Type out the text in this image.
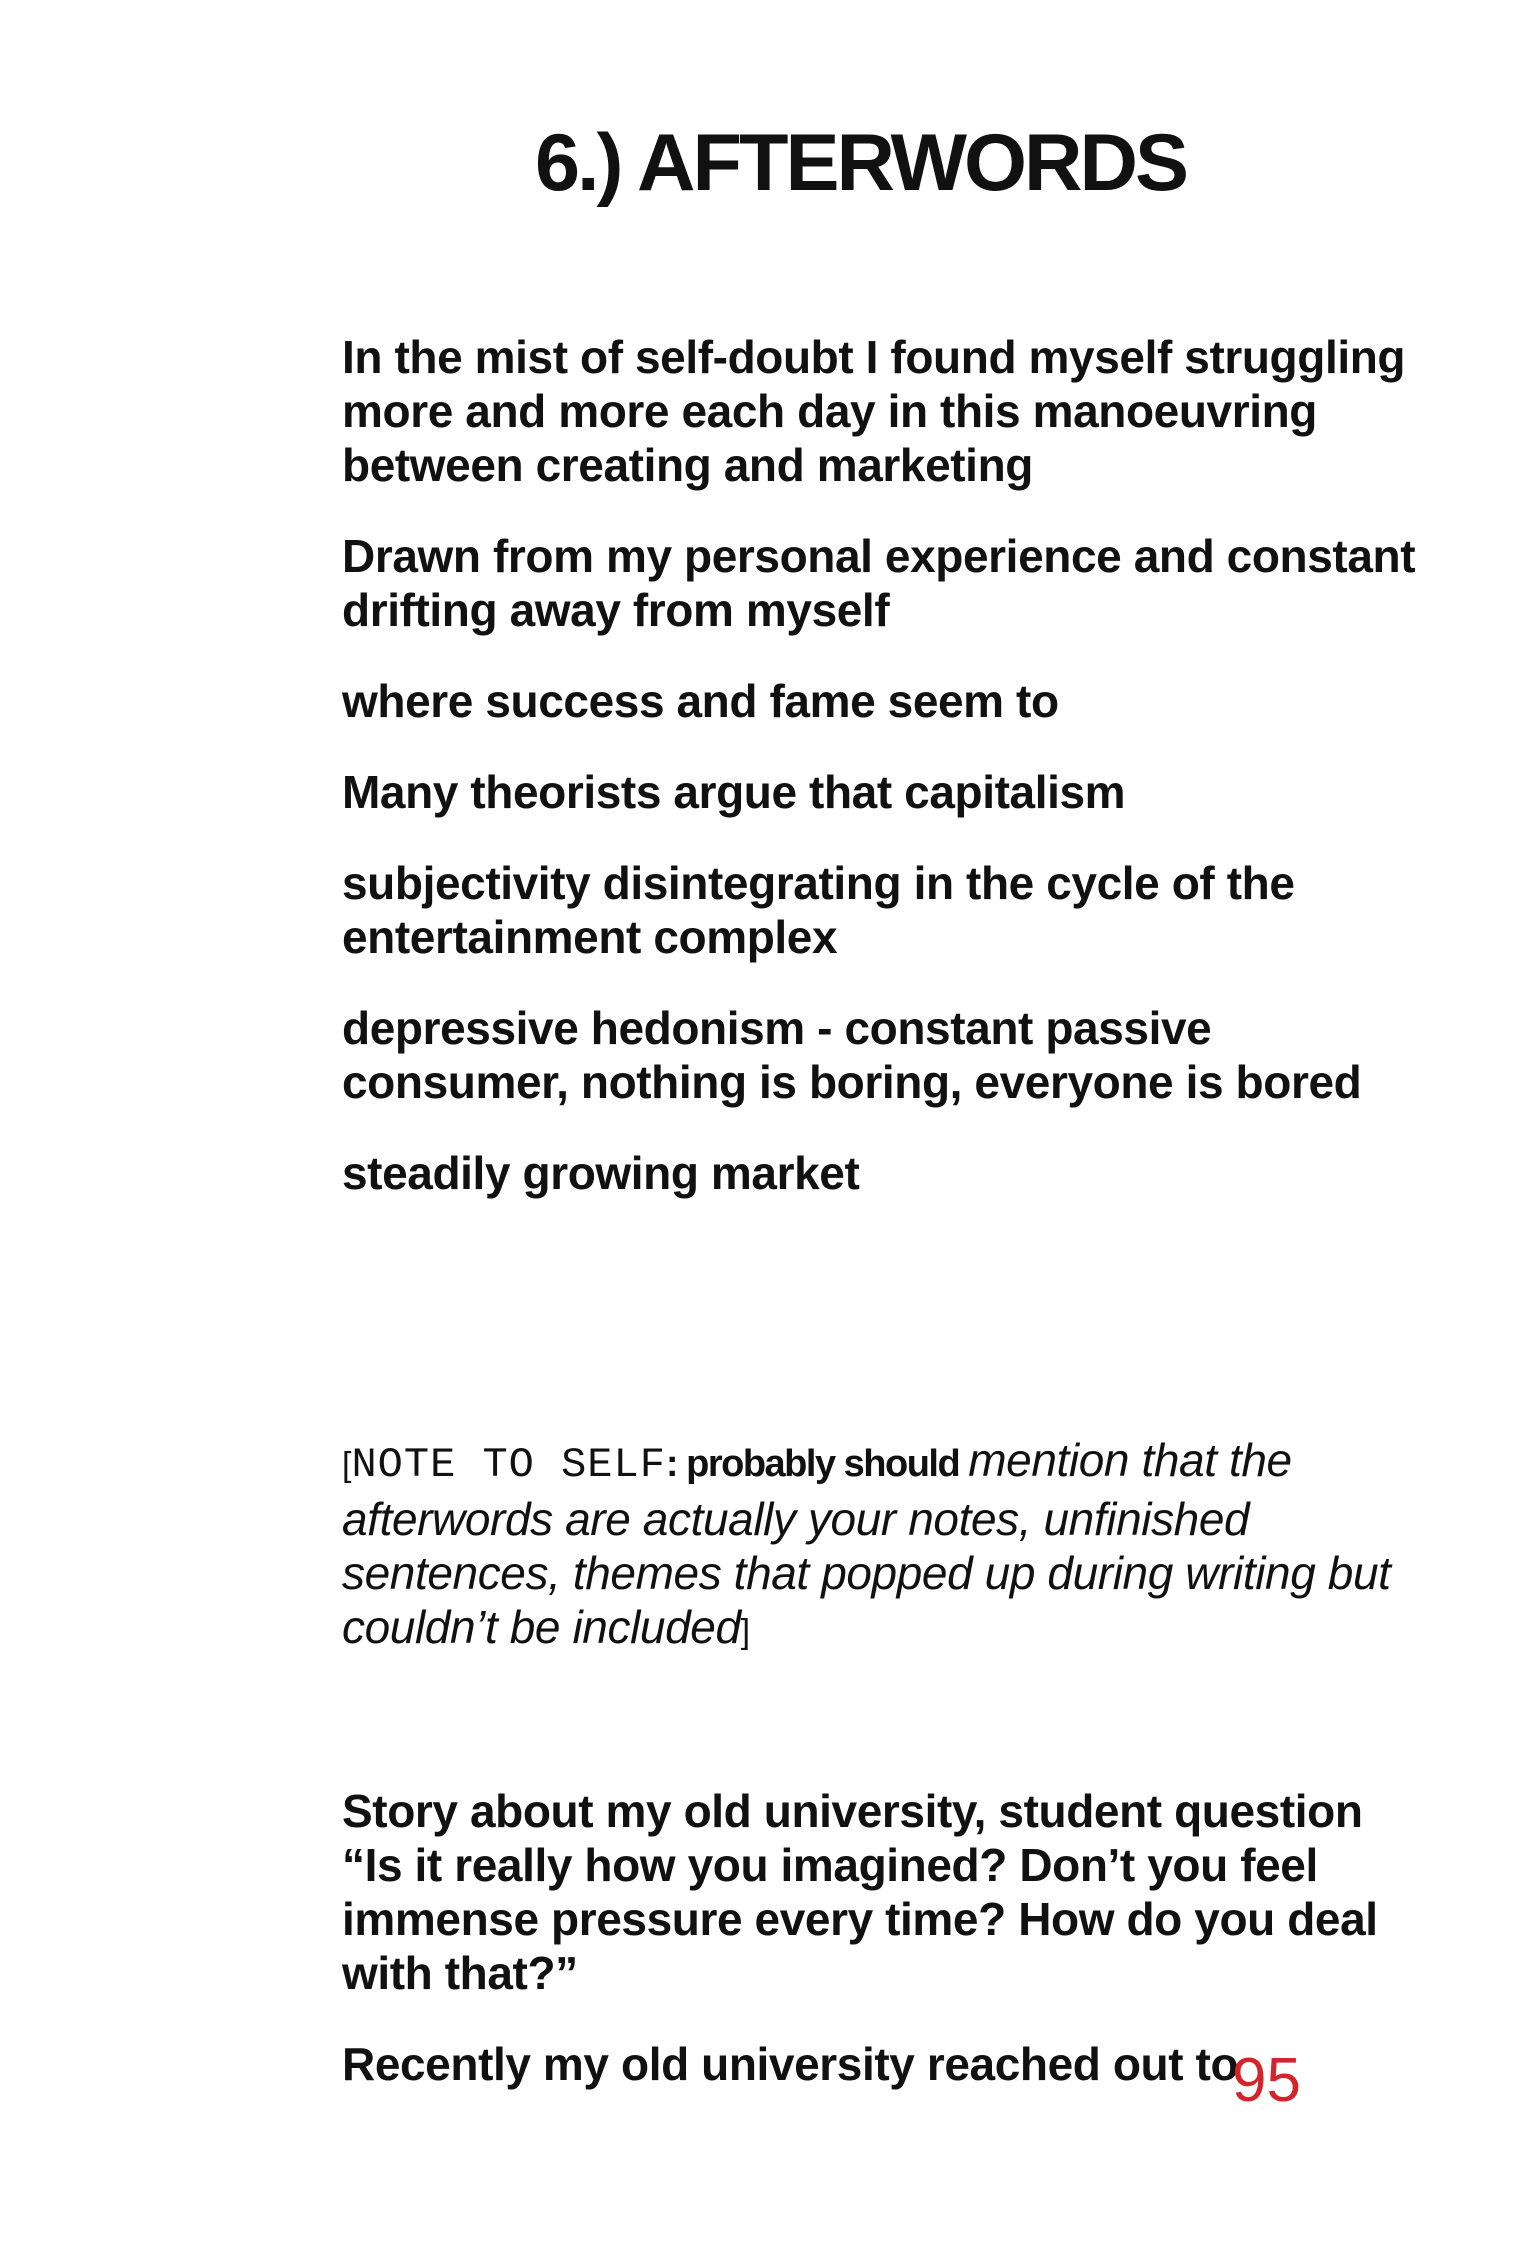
6.) AFTERWORDS

In the mist of self-doubt I found myself struggling more and more each day in this manoeuvring between creating and marketing

Drawn from my personal experience and constant drifting away from myself

where success and fame seem to

Many theorists argue that capitalism

subjectivity disintegrating in the cycle of the entertainment complex

depressive hedonism - constant passive consumer, nothing is boring, everyone is bored

steadily growing market

[NOTE TO SELF: probably should mention that the afterwords are actually your notes, unfinished sentences, themes that popped up during writing but couldn’t be included]

Story about my old university, student question “Is it really how you imagined? Don’t you feel immense pressure every time? How do you deal with that?”

Recently my old university reached out to

95
